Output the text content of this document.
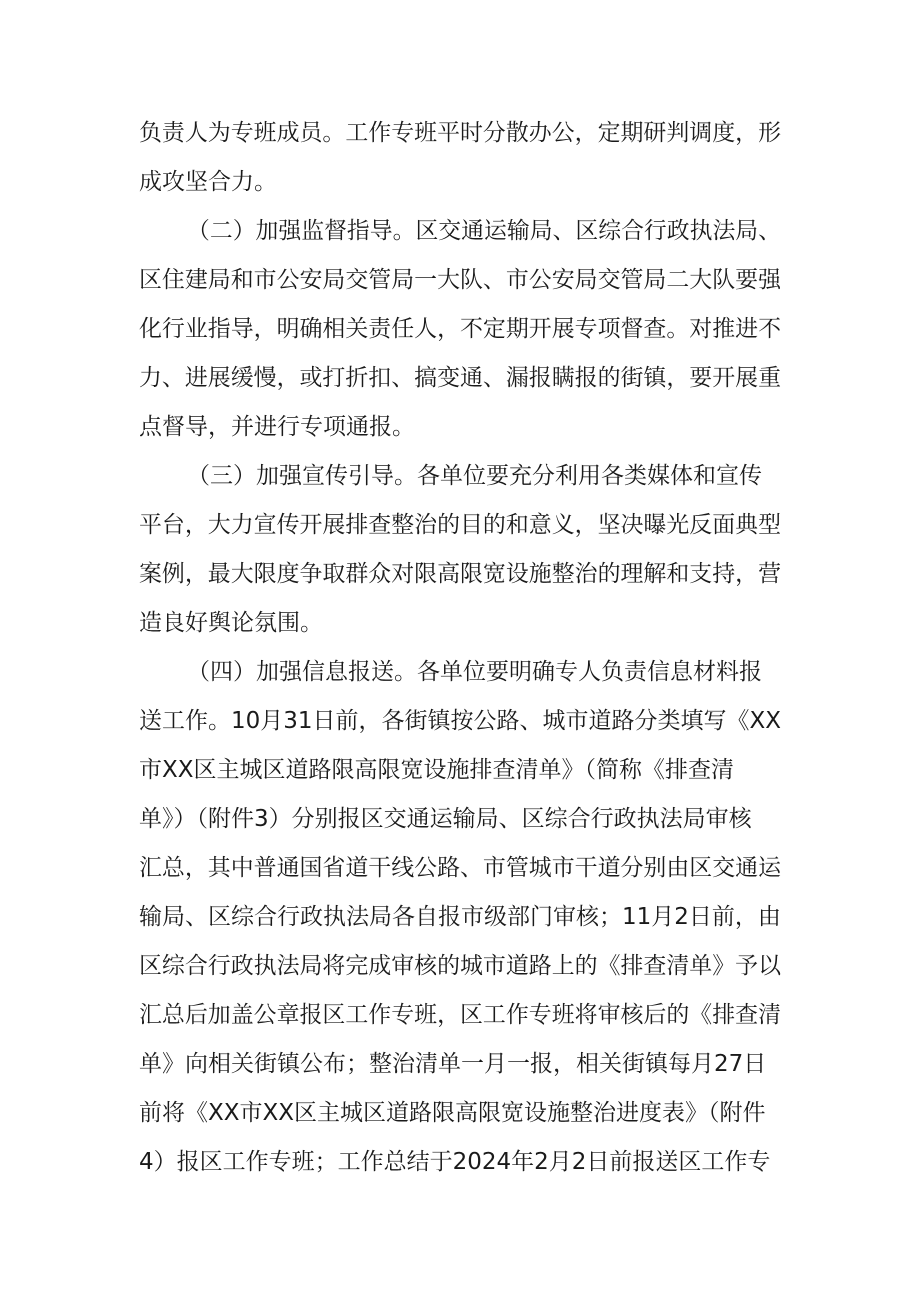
负责人为专班成员。工作专班平时分散办公，定期研判调度，形
成攻坚合力。
（二）加强监督指导。区交通运输局、区综合行政执法局、
区住建局和市公安局交管局一大队、市公安局交管局二大队要强
化行业指导，明确相关责任人，不定期开展专项督查。对推进不
力、进展缓慢，或打折扣、搞变通、漏报瞒报的街镇，要开展重
点督导，并进行专项通报。
（三）加强宣传引导。各单位要充分利用各类媒体和宣传
平台，大力宣传开展排查整治的目的和意义，坚决曝光反面典型
案例，最大限度争取群众对限高限宽设施整治的理解和支持，营
造良好舆论氛围。
（四）加强信息报送。各单位要明确专人负责信息材料报
送工作。10月31日前，各街镇按公路、城市道路分类填写《XX
市XX区主城区道路限高限宽设施排查清单》（简称《排查清
单》）（附件3）分别报区交通运输局、区综合行政执法局审核
汇总，其中普通国省道干线公路、市管城市干道分别由区交通运
输局、区综合行政执法局各自报市级部门审核；11月2日前，由
区综合行政执法局将完成审核的城市道路上的《排查清单》予以
汇总后加盖公章报区工作专班，区工作专班将审核后的《排查清
单》向相关街镇公布；整治清单一月一报，相关街镇每月27日
前将《XX市XX区主城区道路限高限宽设施整治进度表》（附件
4）报区工作专班；工作总结于2024年2月2日前报送区工作专
